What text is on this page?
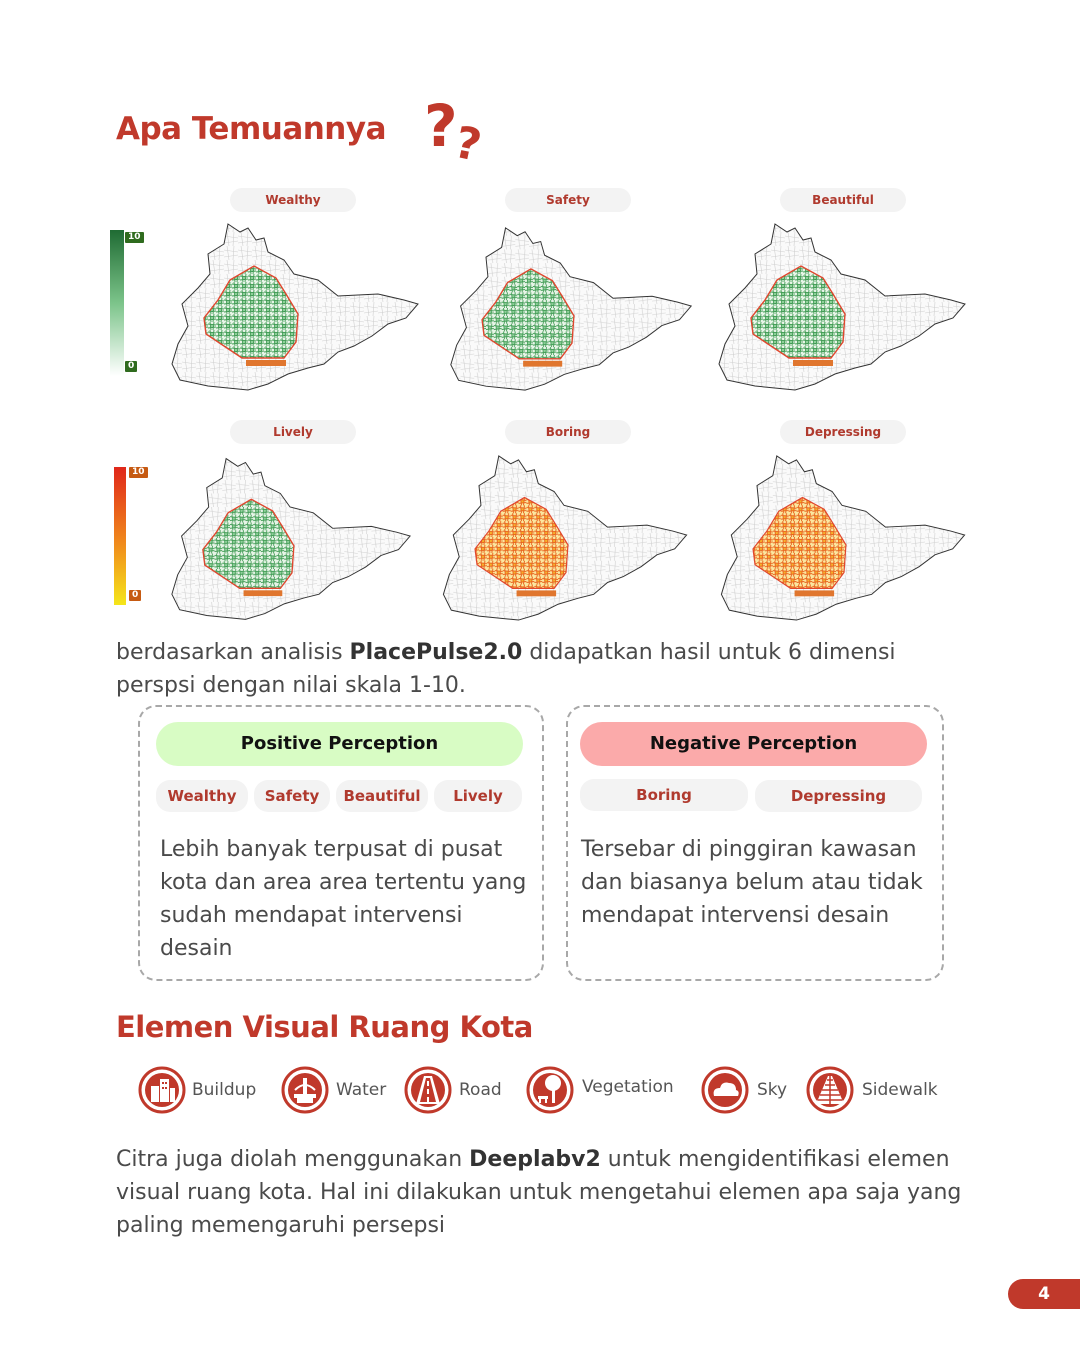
Apa Temuannya ?
?
10
0
10
0
Wealthy	Safety	Beautiful
Lively	Boring	Depressing
berdasarkan analisis PlacePulse2.0 didapatkan hasil untuk 6 dimensi perspsi dengan nilai skala 1-10.
Positive Perception
Wealthy	Safety	Beautiful	Lively
Lebih banyak terpusat di pusat kota dan area area tertentu yang sudah mendapat intervensi desain
Negative Perception
Boring	Depressing
Tersebar di pinggiran kawasan dan biasanya belum atau tidak mendapat intervensi desain
Elemen Visual Ruang Kota
Buildup	Water	Road	Vegetation	Sky	Sidewalk
Citra juga diolah menggunakan Deeplabv2 untuk mengidentifikasi elemen visual ruang kota. Hal ini dilakukan untuk mengetahui elemen apa saja yang paling memengaruhi persepsi
4
